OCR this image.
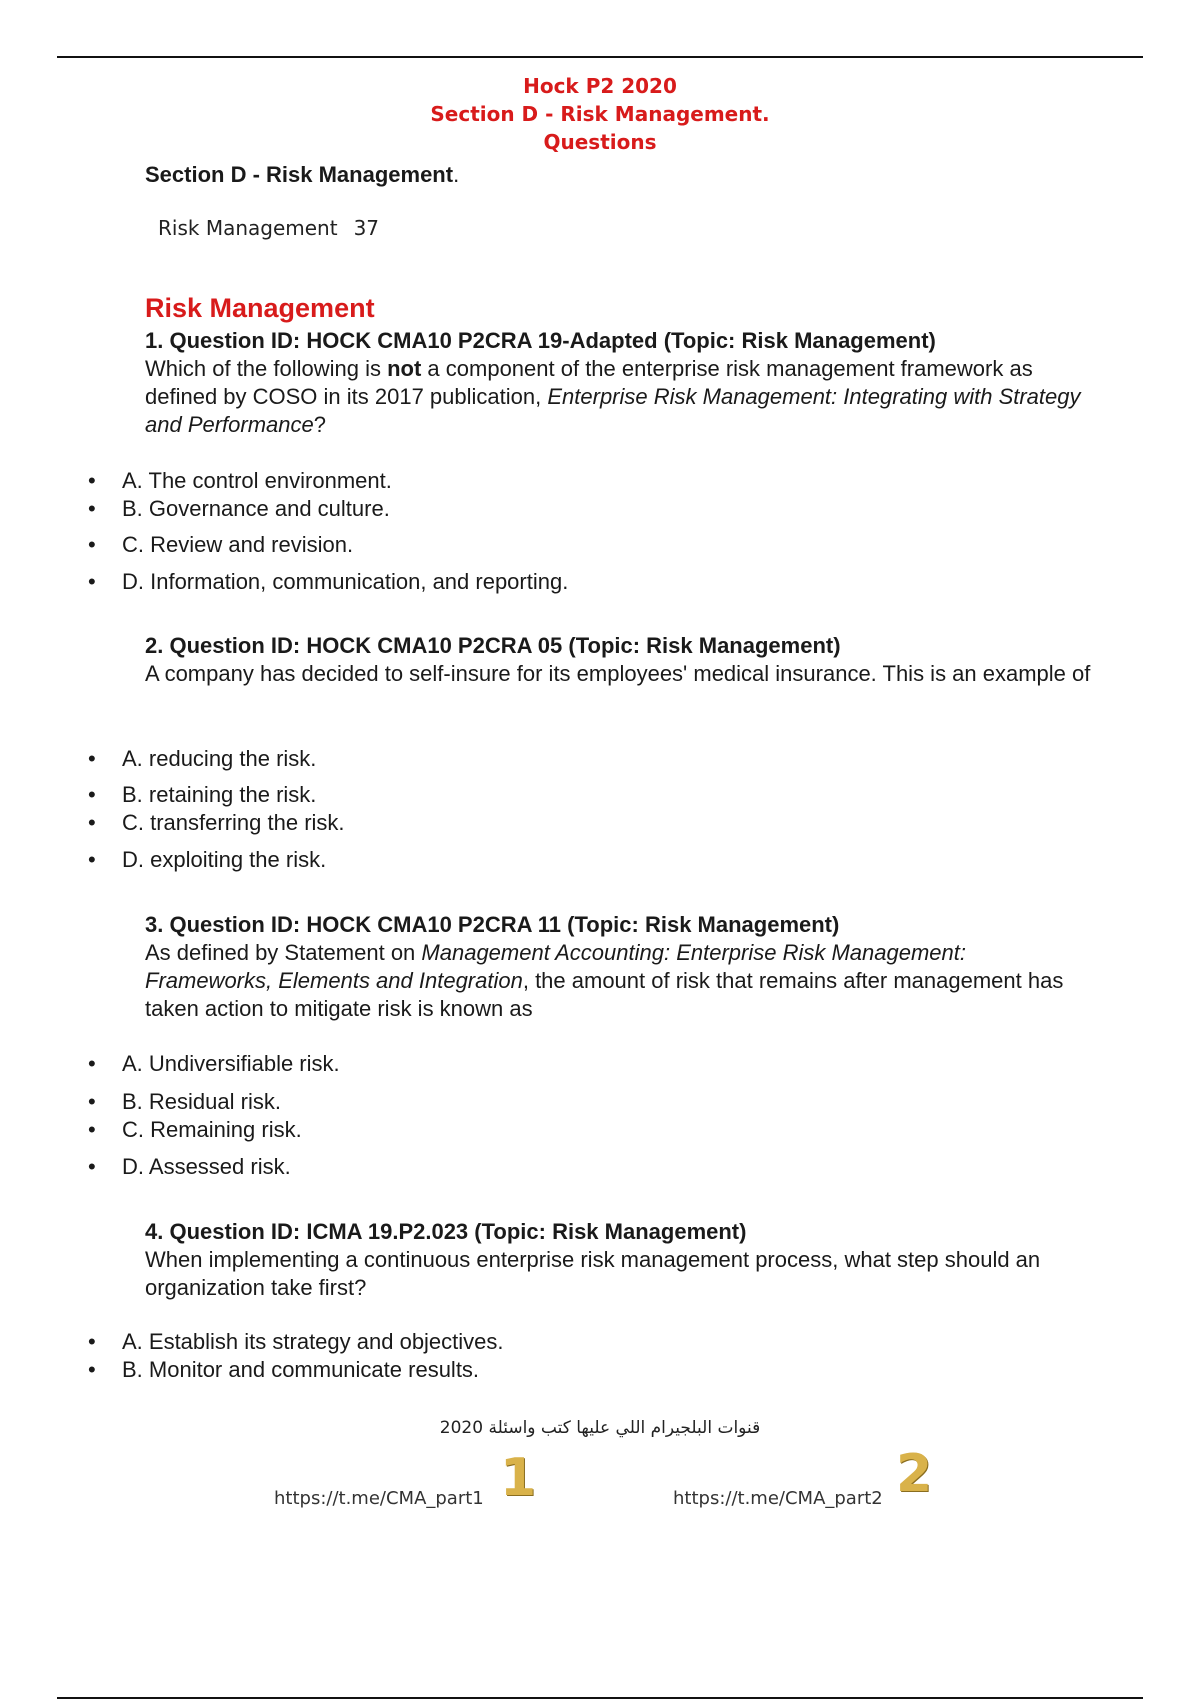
Hock P2 2020
Section D - Risk Management.
Questions
Section D - Risk Management.
Risk Management 37
Risk Management
1. Question ID: HOCK CMA10 P2CRA 19-Adapted (Topic: Risk Management)
Which of the following is not a component of the enterprise risk management framework as defined by COSO in its 2017 publication, Enterprise Risk Management: Integrating with Strategy and Performance?
• A. The control environment.
• B. Governance and culture.
• C. Review and revision.
• D. Information, communication, and reporting.
2. Question ID: HOCK CMA10 P2CRA 05 (Topic: Risk Management)
A company has decided to self-insure for its employees' medical insurance. This is an example of
• A. reducing the risk.
• B. retaining the risk.
• C. transferring the risk.
• D. exploiting the risk.
3. Question ID: HOCK CMA10 P2CRA 11 (Topic: Risk Management)
As defined by Statement on Management Accounting: Enterprise Risk Management: Frameworks, Elements and Integration, the amount of risk that remains after management has taken action to mitigate risk is known as
• A. Undiversifiable risk.
• B. Residual risk.
• C. Remaining risk.
• D. Assessed risk.
4. Question ID: ICMA 19.P2.023 (Topic: Risk Management)
When implementing a continuous enterprise risk management process, what step should an organization take first?
• A. Establish its strategy and objectives.
• B. Monitor and communicate results.
قنوات البلجيرام اللي عليها كتب واسئلة 2020
https://t.me/CMA_part1 1	https://t.me/CMA_part2 2
